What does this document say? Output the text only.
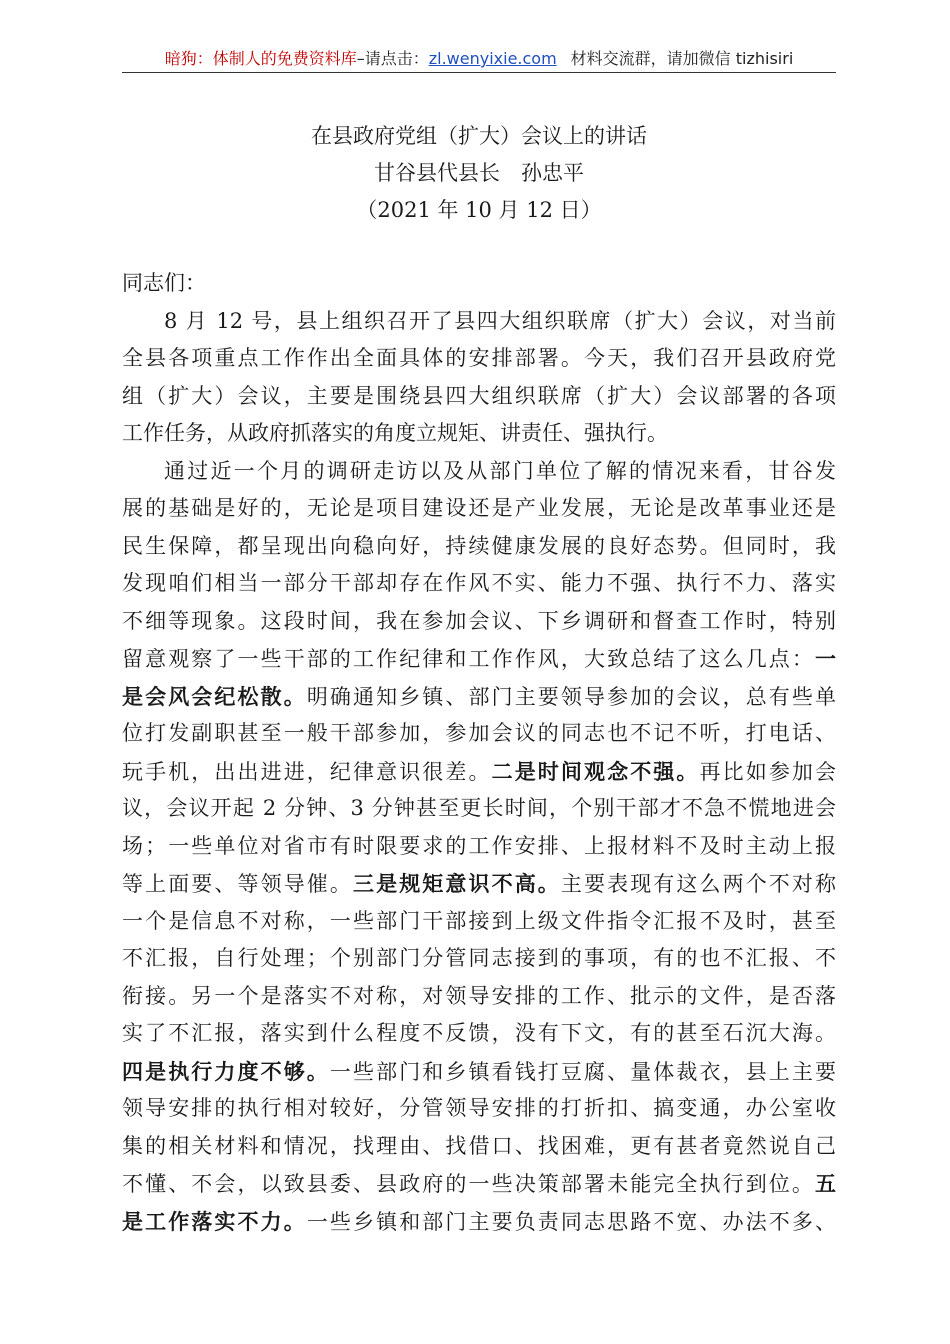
暗狗：体制人的免费资料库–请点击：zl.wenyixie.com 材料交流群，请加微信 tizhisiri
在县政府党组（扩大）会议上的讲话
甘谷县代县长　孙忠平
（2021 年 10 月 12 日）
同志们：
8 月 12 号，县上组织召开了县四大组织联席（扩大）会议，对当前
全县各项重点工作作出全面具体的安排部署。今天，我们召开县政府党
组（扩大）会议，主要是围绕县四大组织联席（扩大）会议部署的各项
工作任务，从政府抓落实的角度立规矩、讲责任、强执行。
通过近一个月的调研走访以及从部门单位了解的情况来看，甘谷发
展的基础是好的，无论是项目建设还是产业发展，无论是改革事业还是
民生保障，都呈现出向稳向好，持续健康发展的良好态势。但同时，我
发现咱们相当一部分干部却存在作风不实、能力不强、执行不力、落实
不细等现象。这段时间，我在参加会议、下乡调研和督查工作时，特别
留意观察了一些干部的工作纪律和工作作风，大致总结了这么几点：一
是会风会纪松散。明确通知乡镇、部门主要领导参加的会议，总有些单
位打发副职甚至一般干部参加，参加会议的同志也不记不听，打电话、
玩手机，出出进进，纪律意识很差。二是时间观念不强。再比如参加会
议，会议开起 2 分钟、3 分钟甚至更长时间，个别干部才不急不慌地进会
场；一些单位对省市有时限要求的工作安排、上报材料不及时主动上报
等上面要、等领导催。三是规矩意识不高。主要表现有这么两个不对称
一个是信息不对称，一些部门干部接到上级文件指令汇报不及时，甚至
不汇报，自行处理；个别部门分管同志接到的事项，有的也不汇报、不
衔接。另一个是落实不对称，对领导安排的工作、批示的文件，是否落
实了不汇报，落实到什么程度不反馈，没有下文，有的甚至石沉大海。
四是执行力度不够。一些部门和乡镇看钱打豆腐、量体裁衣，县上主要
领导安排的执行相对较好，分管领导安排的打折扣、搞变通，办公室收
集的相关材料和情况，找理由、找借口、找困难，更有甚者竟然说自己
不懂、不会，以致县委、县政府的一些决策部署未能完全执行到位。五
是工作落实不力。一些乡镇和部门主要负责同志思路不宽、办法不多、
